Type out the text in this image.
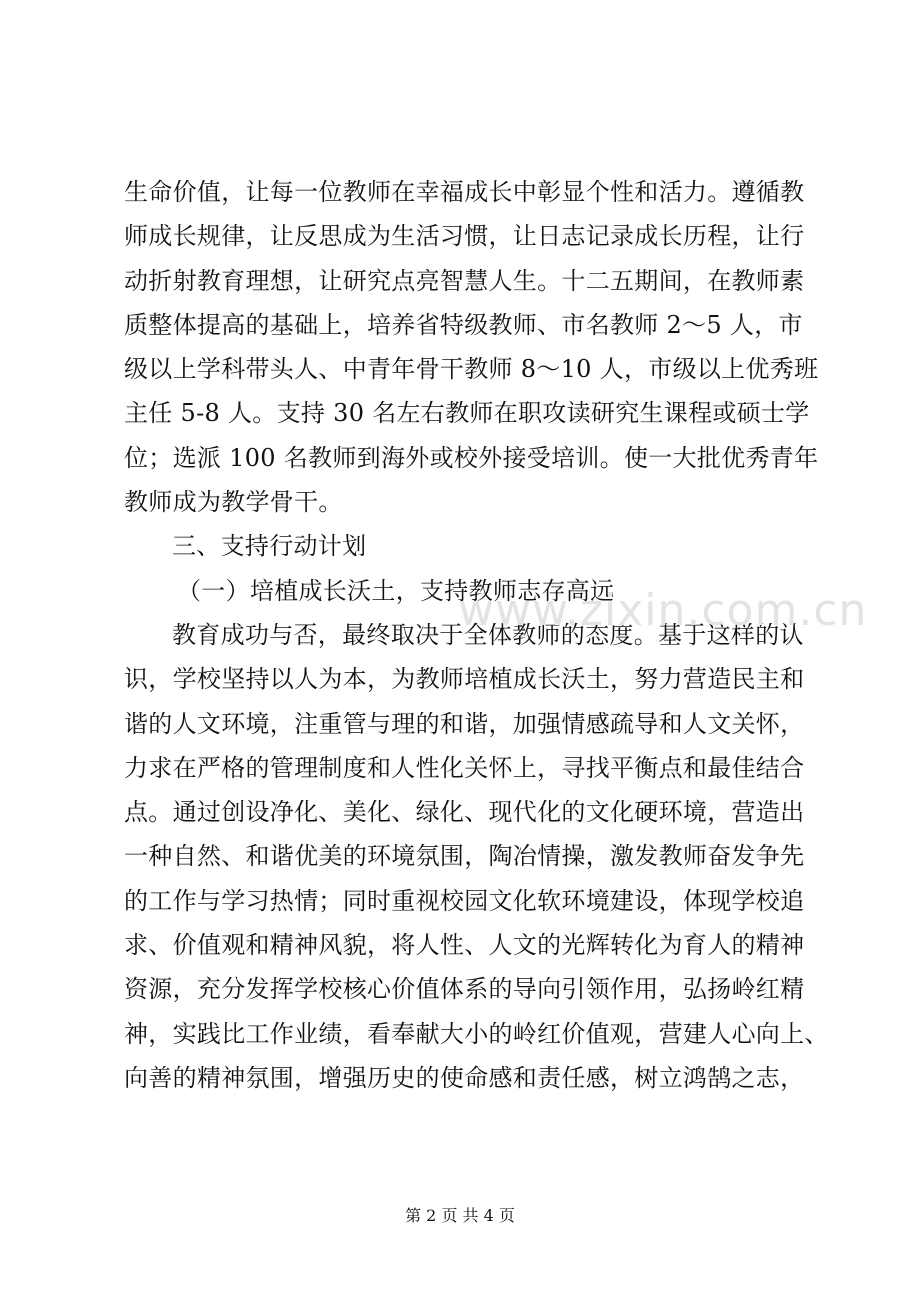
生命价值，让每一位教师在幸福成长中彰显个性和活力。遵循教
师成长规律，让反思成为生活习惯，让日志记录成长历程，让行
动折射教育理想，让研究点亮智慧人生。十二五期间，在教师素
质整体提高的基础上，培养省特级教师、市名教师 2～5 人，市
级以上学科带头人、中青年骨干教师 8～10 人，市级以上优秀班
主任 5-8 人。支持 30 名左右教师在职攻读研究生课程或硕士学
位；选派 100 名教师到海外或校外接受培训。使一大批优秀青年
教师成为教学骨干。
三、支持行动计划
（一）培植成长沃土，支持教师志存高远
教育成功与否，最终取决于全体教师的态度。基于这样的认
识，学校坚持以人为本，为教师培植成长沃土，努力营造民主和
谐的人文环境，注重管与理的和谐，加强情感疏导和人文关怀，
力求在严格的管理制度和人性化关怀上，寻找平衡点和最佳结合
点。通过创设净化、美化、绿化、现代化的文化硬环境，营造出
一种自然、和谐优美的环境氛围，陶冶情操，激发教师奋发争先
的工作与学习热情；同时重视校园文化软环境建设，体现学校追
求、价值观和精神风貌，将人性、人文的光辉转化为育人的精神
资源，充分发挥学校核心价值体系的导向引领作用，弘扬岭红精
神，实践比工作业绩，看奉献大小的岭红价值观，营建人心向上、
向善的精神氛围，增强历史的使命感和责任感，树立鸿鹄之志，
www.zixin.com.cn
第 2 页 共 4 页
